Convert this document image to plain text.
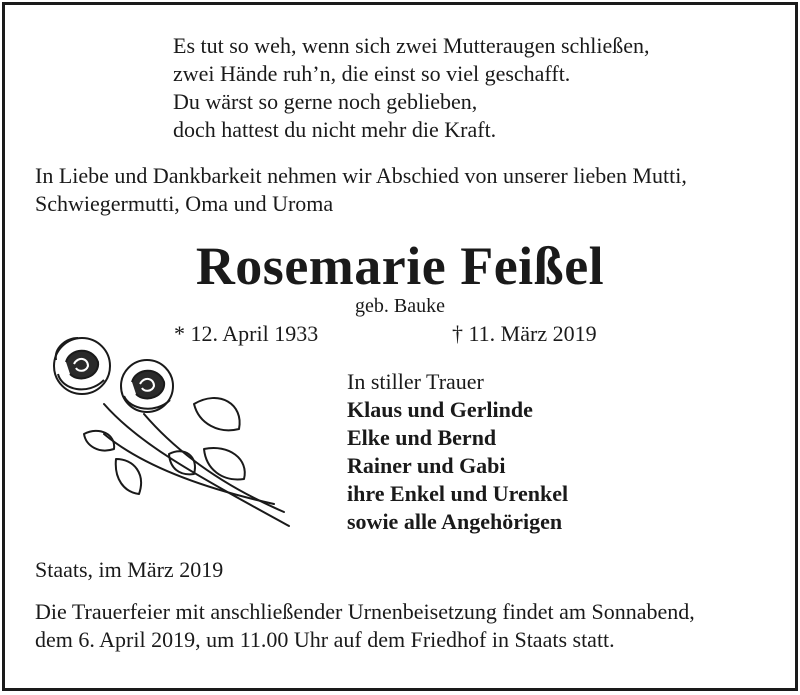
Es tut so weh, wenn sich zwei Mutteraugen schließen,
zwei Hände ruh’n, die einst so viel geschafft.
Du wärst so gerne noch geblieben,
doch hattest du nicht mehr die Kraft.
In Liebe und Dankbarkeit nehmen wir Abschied von unserer lieben Mutti,
Schwiegermutti, Oma und Uroma
Rosemarie Feißel
geb. Bauke
* 12. April 1933	† 11. März 2019
In stiller Trauer
Klaus und Gerlinde
Elke und Bernd
Rainer und Gabi
ihre Enkel und Urenkel
sowie alle Angehörigen
Staats, im März 2019
Die Trauerfeier mit anschließender Urnenbeisetzung findet am Sonnabend,
dem 6. April 2019, um 11.00 Uhr auf dem Friedhof in Staats statt.
